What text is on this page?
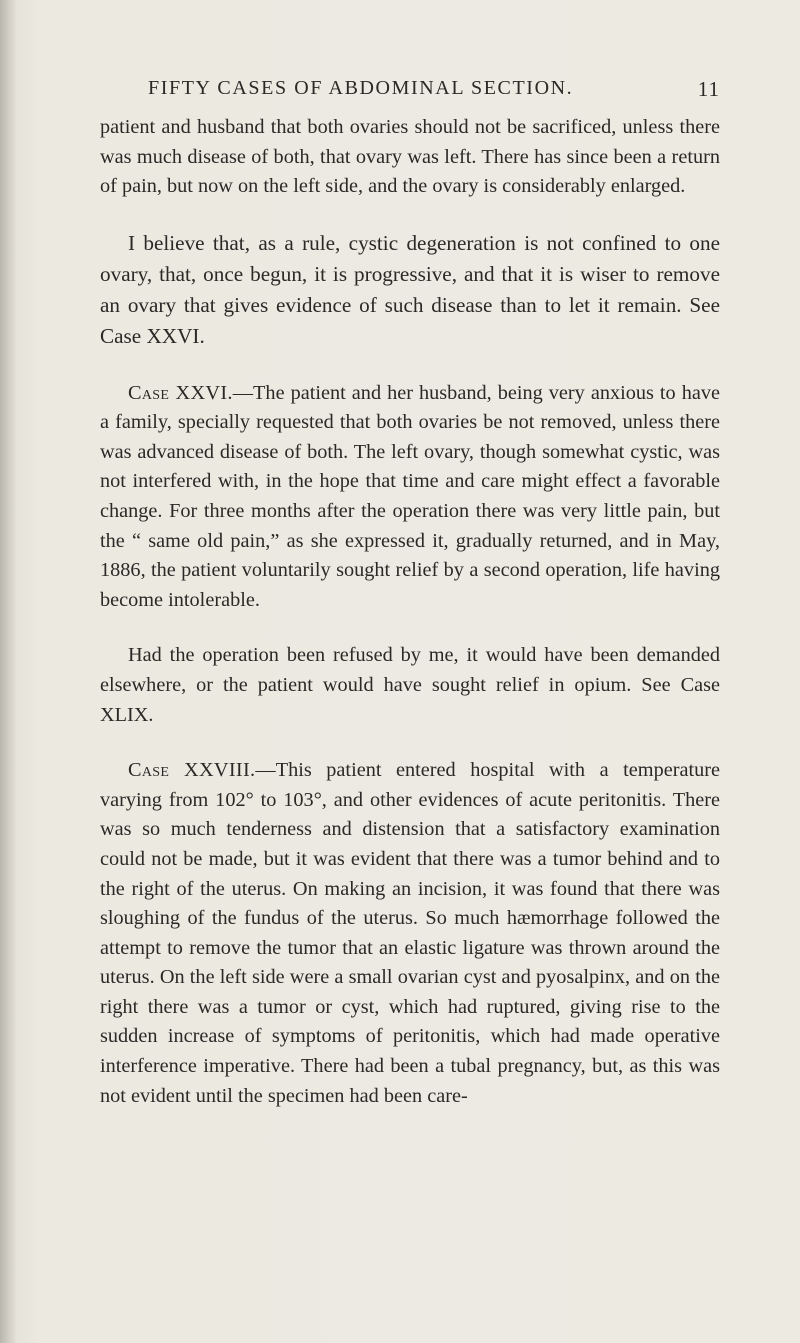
FIFTY CASES OF ABDOMINAL SECTION.	11

patient and husband that both ovaries should not be sacrificed, unless there was much disease of both, that ovary was left. There has since been a return of pain, but now on the left side, and the ovary is considerably enlarged.

I believe that, as a rule, cystic degeneration is not confined to one ovary, that, once begun, it is progressive, and that it is wiser to remove an ovary that gives evidence of such disease than to let it remain. See Case XXVI.

Case XXVI.—The patient and her husband, being very anxious to have a family, specially requested that both ovaries be not removed, unless there was advanced disease of both. The left ovary, though somewhat cystic, was not interfered with, in the hope that time and care might effect a favorable change. For three months after the operation there was very little pain, but the “ same old pain,” as she expressed it, gradually returned, and in May, 1886, the patient voluntarily sought relief by a second operation, life having become intolerable.

Had the operation been refused by me, it would have been demanded elsewhere, or the patient would have sought relief in opium. See Case XLIX.

Case XXVIII.—This patient entered hospital with a temperature varying from 102° to 103°, and other evidences of acute peritonitis. There was so much tenderness and distension that a satisfactory examination could not be made, but it was evident that there was a tumor behind and to the right of the uterus. On making an incision, it was found that there was sloughing of the fundus of the uterus. So much hæmorrhage followed the attempt to remove the tumor that an elastic ligature was thrown around the uterus. On the left side were a small ovarian cyst and pyosalpinx, and on the right there was a tumor or cyst, which had ruptured, giving rise to the sudden increase of symptoms of peritonitis, which had made operative interference imperative. There had been a tubal pregnancy, but, as this was not evident until the specimen had been care-
